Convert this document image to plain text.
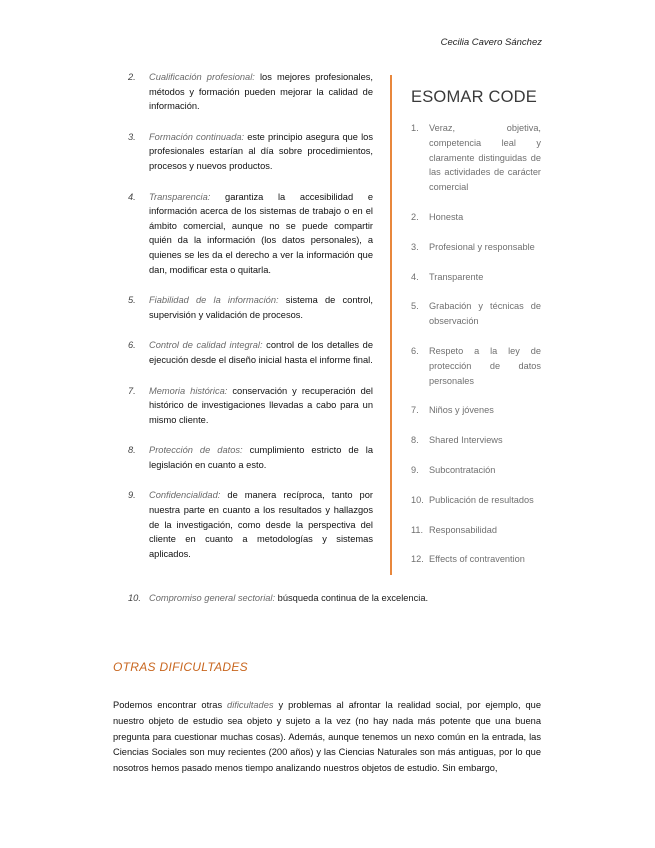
Cecilia Cavero Sánchez
2. Cualificación profesional: los mejores profesionales, métodos y formación pueden mejorar la calidad de información.
3. Formación continuada: este principio asegura que los profesionales estarían al día sobre procedimientos, procesos y nuevos productos.
4. Transparencia: garantiza la accesibilidad e información acerca de los sistemas de trabajo o en el ámbito comercial, aunque no se puede compartir quién da la información (los datos personales), a quienes se les da el derecho a ver la información que dan, modificar esta o quitarla.
5. Fiabilidad de la información: sistema de control, supervisión y validación de procesos.
6. Control de calidad integral: control de los detalles de ejecución desde el diseño inicial hasta el informe final.
7. Memoria histórica: conservación y recuperación del histórico de investigaciones llevadas a cabo para un mismo cliente.
8. Protección de datos: cumplimiento estricto de la legislación en cuanto a esto.
9. Confidencialidad: de manera recíproca, tanto por nuestra parte en cuanto a los resultados y hallazgos de la investigación, como desde la perspectiva del cliente en cuanto a metodologías y sistemas aplicados.
10. Compromiso general sectorial: búsqueda continua de la excelencia.
ESOMAR CODE
1. Veraz, objetiva, competencia leal y claramente distinguidas de las actividades de carácter comercial
2. Honesta
3. Profesional y responsable
4. Transparente
5. Grabación y técnicas de observación
6. Respeto a la ley de protección de datos personales
7. Niños y jóvenes
8. Shared Interviews
9. Subcontratación
10. Publicación de resultados
11. Responsabilidad
12. Effects of contravention
OTRAS DIFICULTADES
Podemos encontrar otras dificultades y problemas al afrontar la realidad social, por ejemplo, que nuestro objeto de estudio sea objeto y sujeto a la vez (no hay nada más potente que una buena pregunta para cuestionar muchas cosas). Además, aunque tenemos un nexo común en la entrada, las Ciencias Sociales son muy recientes (200 años) y las Ciencias Naturales son más antiguas, por lo que nosotros hemos pasado menos tiempo analizando nuestros objetos de estudio. Sin embargo,
